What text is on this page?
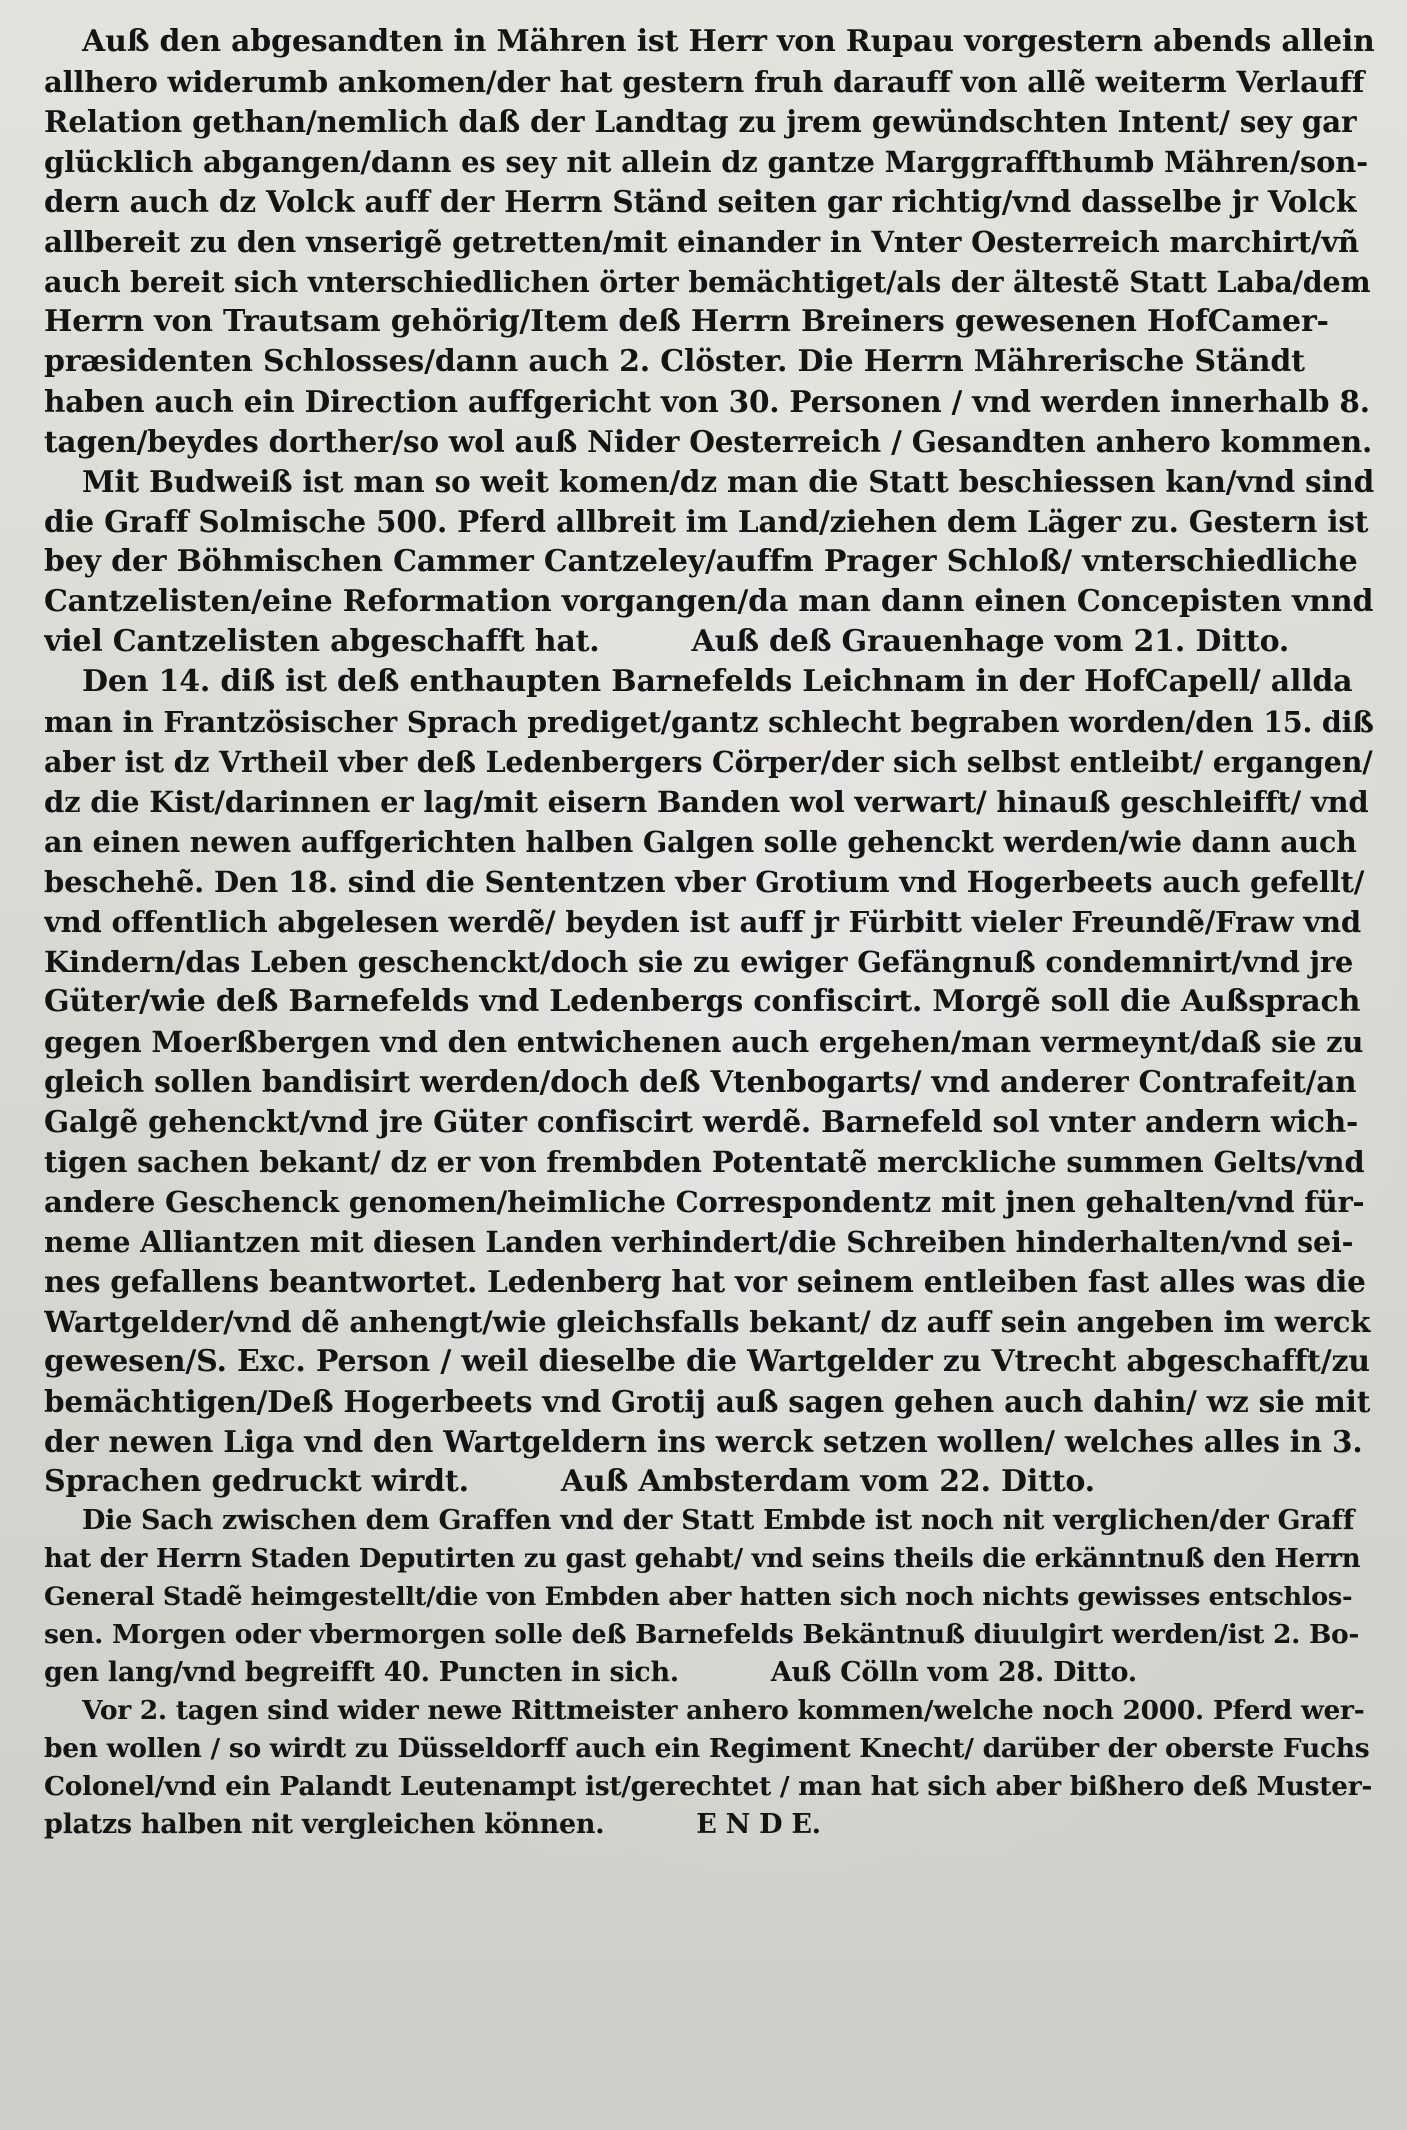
Auß den abgesandten in Mähren ist Herr von Rupau vorgestern abends allein
allhero widerumb ankomen/der hat gestern fruh darauff von allẽ weiterm Verlauff
Relation gethan/nemlich daß der Landtag zu jrem gewündschten Intent/ sey gar
glücklich abgangen/dann es sey nit allein dz gantze Marggraffthumb Mähren/son-
dern auch dz Volck auff der Herrn Ständ seiten gar richtig/vnd dasselbe jr Volck
allbereit zu den vnserigẽ getretten/mit einander in Vnter Oesterreich marchirt/vñ
auch bereit sich vnterschiedlichen örter bemächtiget/als der ältestẽ Statt Laba/dem
Herrn von Trautsam gehörig/Item deß Herrn Breiners gewesenen HofCamer-
præsidenten Schlosses/dann auch 2. Clöster. Die Herrn Mährerische Ständt
haben auch ein Direction auffgericht von 30. Personen / vnd werden innerhalb 8.
tagen/beydes dorther/so wol auß Nider Oesterreich / Gesandten anhero kommen.
Mit Budweiß ist man so weit komen/dz man die Statt beschiessen kan/vnd sind
die Graff Solmische 500. Pferd allbreit im Land/ziehen dem Läger zu. Gestern ist
bey der Böhmischen Cammer Cantzeley/auffm Prager Schloß/ vnterschiedliche
Cantzelisten/eine Reformation vorgangen/da man dann einen Concepisten vnnd
viel Cantzelisten abgeschafft hat.	Auß deß Grauenhage vom 21. Ditto.
Den 14. diß ist deß enthaupten Barnefelds Leichnam in der HofCapell/ allda
man in Frantzösischer Sprach prediget/gantz schlecht begraben worden/den 15. diß
aber ist dz Vrtheil vber deß Ledenbergers Cörper/der sich selbst entleibt/ ergangen/
dz die Kist/darinnen er lag/mit eisern Banden wol verwart/ hinauß geschleifft/ vnd
an einen newen auffgerichten halben Galgen solle gehenckt werden/wie dann auch
beschehẽ. Den 18. sind die Sententzen vber Grotium vnd Hogerbeets auch gefellt/
vnd offentlich abgelesen werdẽ/ beyden ist auff jr Fürbitt vieler Freundẽ/Fraw vnd
Kindern/das Leben geschenckt/doch sie zu ewiger Gefängnuß condemnirt/vnd jre
Güter/wie deß Barnefelds vnd Ledenbergs confiscirt. Morgẽ soll die Außsprach
gegen Moerßbergen vnd den entwichenen auch ergehen/man vermeynt/daß sie zu
gleich sollen bandisirt werden/doch deß Vtenbogarts/ vnd anderer Contrafeit/an
Galgẽ gehenckt/vnd jre Güter confiscirt werdẽ. Barnefeld sol vnter andern wich-
tigen sachen bekant/ dz er von frembden Potentatẽ merckliche summen Gelts/vnd
andere Geschenck genomen/heimliche Correspondentz mit jnen gehalten/vnd für-
neme Alliantzen mit diesen Landen verhindert/die Schreiben hinderhalten/vnd sei-
nes gefallens beantwortet. Ledenberg hat vor seinem entleiben fast alles was die
Wartgelder/vnd dẽ anhengt/wie gleichsfalls bekant/ dz auff sein angeben im werck
gewesen/S. Exc. Person / weil dieselbe die Wartgelder zu Vtrecht abgeschafft/zu
bemächtigen/Deß Hogerbeets vnd Grotij auß sagen gehen auch dahin/ wz sie mit
der newen Liga vnd den Wartgeldern ins werck setzen wollen/ welches alles in 3.
Sprachen gedruckt wirdt.	Auß Ambsterdam vom 22. Ditto.
Die Sach zwischen dem Graffen vnd der Statt Embde ist noch nit verglichen/der Graff
hat der Herrn Staden Deputirten zu gast gehabt/ vnd seins theils die erkänntnuß den Herrn
General Stadẽ heimgestellt/die von Embden aber hatten sich noch nichts gewisses entschlos-
sen. Morgen oder vbermorgen solle deß Barnefelds Bekäntnuß diuulgirt werden/ist 2. Bo-
gen lang/vnd begreifft 40. Puncten in sich.	Auß Cölln vom 28. Ditto.
Vor 2. tagen sind wider newe Rittmeister anhero kommen/welche noch 2000. Pferd wer-
ben wollen / so wirdt zu Düsseldorff auch ein Regiment Knecht/ darüber der oberste Fuchs
Colonel/vnd ein Palandt Leutenampt ist/gerechtet / man hat sich aber bißhero deß Muster-
platzs halben nit vergleichen können.	E N D E.
